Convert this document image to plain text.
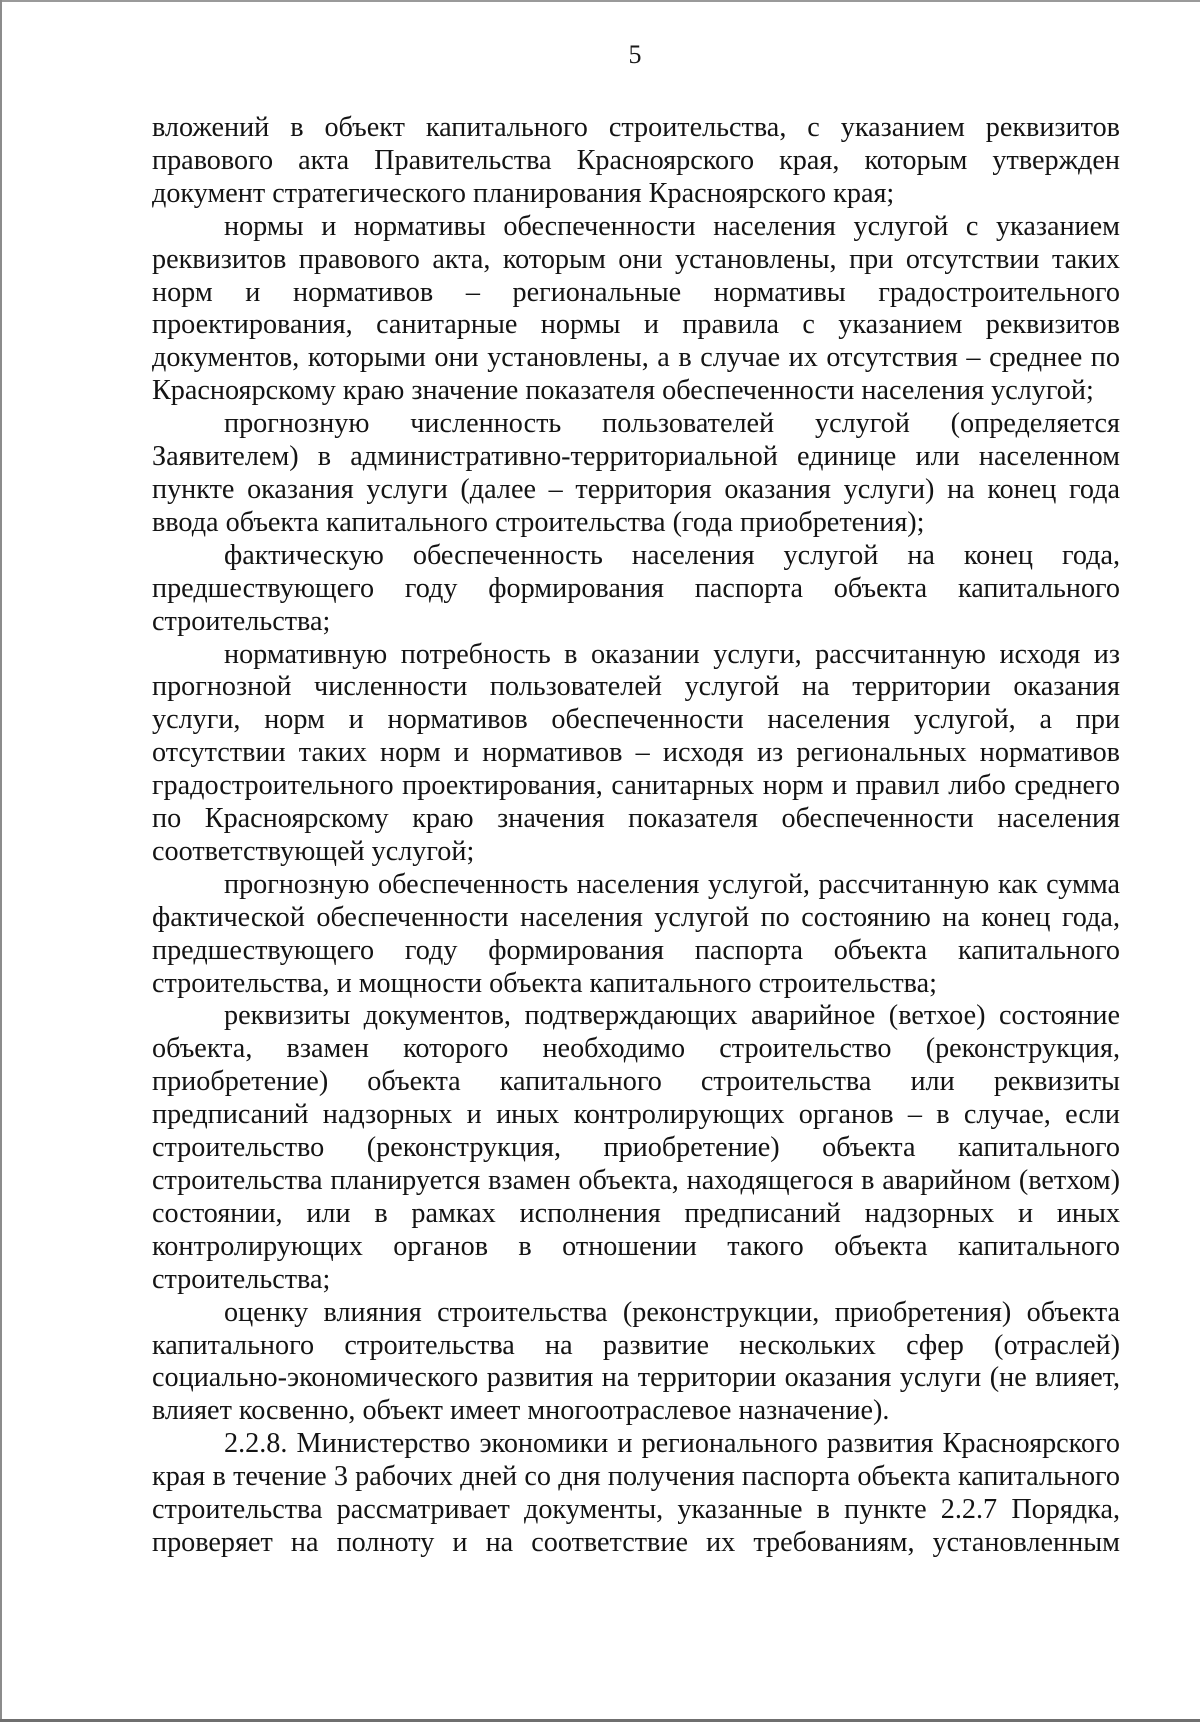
5

вложений в объект капитального строительства, с указанием реквизитов правового акта Правительства Красноярского края, которым утвержден документ стратегического планирования Красноярского края;

нормы и нормативы обеспеченности населения услугой с указанием реквизитов правового акта, которым они установлены, при отсутствии таких норм и нормативов – региональные нормативы градостроительного проектирования, санитарные нормы и правила с указанием реквизитов документов, которыми они установлены, а в случае их отсутствия – среднее по Красноярскому краю значение показателя обеспеченности населения услугой;

прогнозную численность пользователей услугой (определяется Заявителем) в административно-территориальной единице или населенном пункте оказания услуги (далее – территория оказания услуги) на конец года ввода объекта капитального строительства (года приобретения);

фактическую обеспеченность населения услугой на конец года, предшествующего году формирования паспорта объекта капитального строительства;

нормативную потребность в оказании услуги, рассчитанную исходя из прогнозной численности пользователей услугой на территории оказания услуги, норм и нормативов обеспеченности населения услугой, а при отсутствии таких норм и нормативов – исходя из региональных нормативов градостроительного проектирования, санитарных норм и правил либо среднего по Красноярскому краю значения показателя обеспеченности населения соответствующей услугой;

прогнозную обеспеченность населения услугой, рассчитанную как сумма фактической обеспеченности населения услугой по состоянию на конец года, предшествующего году формирования паспорта объекта капитального строительства, и мощности объекта капитального строительства;

реквизиты документов, подтверждающих аварийное (ветхое) состояние объекта, взамен которого необходимо строительство (реконструкция, приобретение) объекта капитального строительства или реквизиты предписаний надзорных и иных контролирующих органов – в случае, если строительство (реконструкция, приобретение) объекта капитального строительства планируется взамен объекта, находящегося в аварийном (ветхом) состоянии, или в рамках исполнения предписаний надзорных и иных контролирующих органов в отношении такого объекта капитального строительства;

оценку влияния строительства (реконструкции, приобретения) объекта капитального строительства на развитие нескольких сфер (отраслей) социально-экономического развития на территории оказания услуги (не влияет, влияет косвенно, объект имеет многоотраслевое назначение).

2.2.8. Министерство экономики и регионального развития Красноярского края в течение 3 рабочих дней со дня получения паспорта объекта капитального строительства рассматривает документы, указанные в пункте 2.2.7 Порядка, проверяет на полноту и на соответствие их требованиям, установленным
